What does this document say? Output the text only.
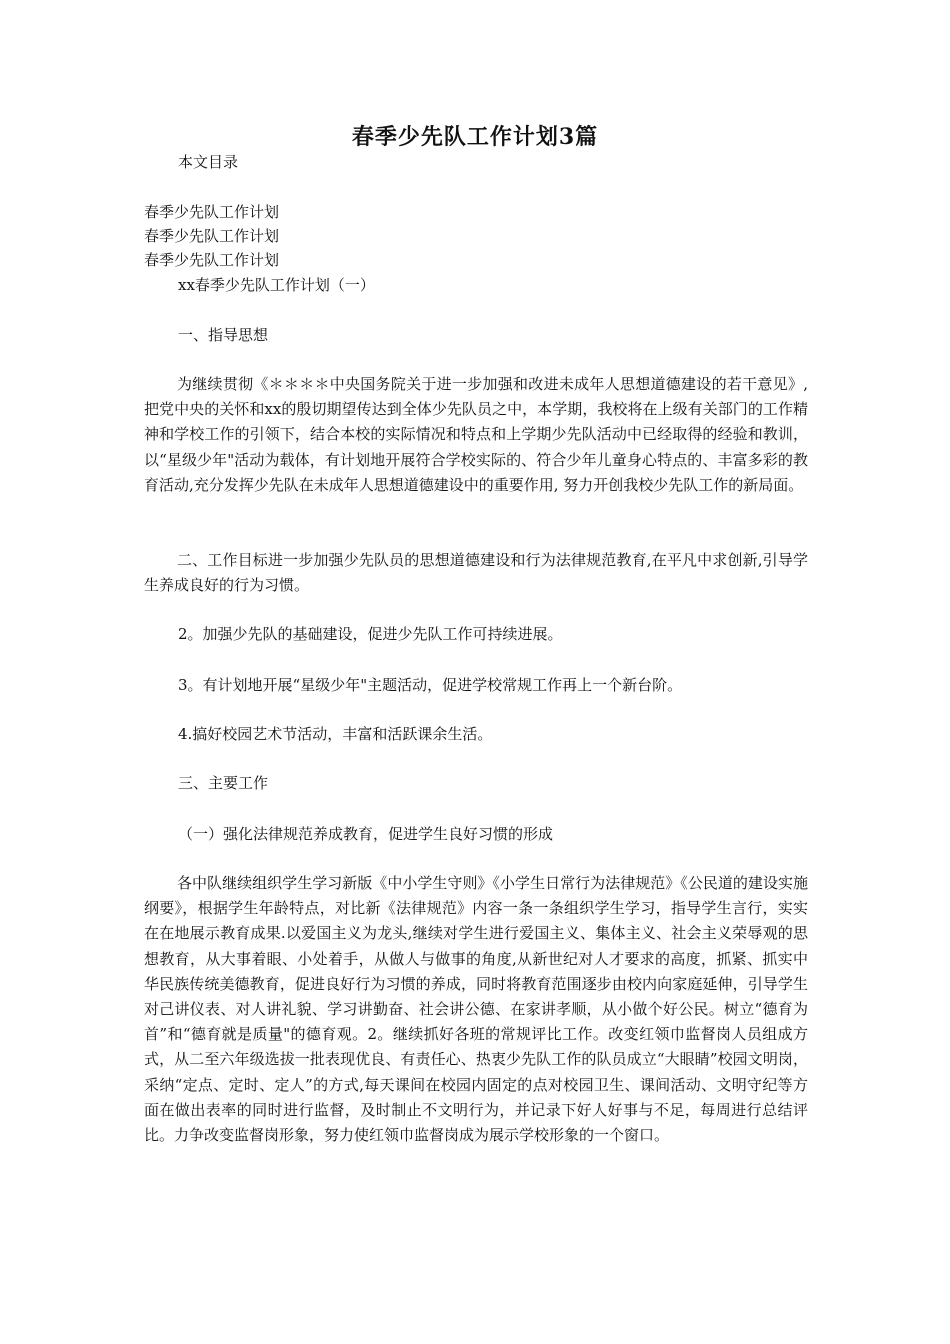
春季少先队工作计划3篇
本文目录
春季少先队工作计划
春季少先队工作计划
春季少先队工作计划
xx春季少先队工作计划（一）
一、指导思想
为继续贯彻《＊＊＊＊中央国务院关于进一步加强和改进未成年人思想道德建设的若干意见》,把党中央的关怀和xx的殷切期望传达到全体少先队员之中，本学期，我校将在上级有关部门的工作精神和学校工作的引领下，结合本校的实际情况和特点和上学期少先队活动中已经取得的经验和教训，以“星级少年"活动为载体，有计划地开展符合学校实际的、符合少年儿童身心特点的、丰富多彩的教育活动,充分发挥少先队在未成年人思想道德建设中的重要作用, 努力开创我校少先队工作的新局面。
二、工作目标进一步加强少先队员的思想道德建设和行为法律规范教育,在平凡中求创新,引导学生养成良好的行为习惯。
2。加强少先队的基础建设，促进少先队工作可持续进展。
3。有计划地开展“星级少年"主题活动，促进学校常规工作再上一个新台阶。
4.搞好校园艺术节活动，丰富和活跃课余生活。
三、主要工作
（一）强化法律规范养成教育，促进学生良好习惯的形成
各中队继续组织学生学习新版《中小学生守则》《小学生日常行为法律规范》《公民道的建设实施纲要》，根据学生年龄特点，对比新《法律规范》内容一条一条组织学生学习，指导学生言行，实实在在地展示教育成果.以爱国主义为龙头,继续对学生进行爱国主义、集体主义、社会主义荣辱观的思想教育，从大事着眼、小处着手，从做人与做事的角度,从新世纪对人才要求的高度，抓紧、抓实中华民族传统美德教育，促进良好行为习惯的养成，同时将教育范围逐步由校内向家庭延伸，引导学生对己讲仪表、对人讲礼貌、学习讲勤奋、社会讲公德、在家讲孝顺，从小做个好公民。树立“德育为首”和“德育就是质量"的德育观。2。继续抓好各班的常规评比工作。改变红领巾监督岗人员组成方式，从二至六年级选拔一批表现优良、有责任心、热衷少先队工作的队员成立“大眼睛”校园文明岗，采纳“定点、定时、定人”的方式,每天课间在校园内固定的点对校园卫生、课间活动、文明守纪等方面在做出表率的同时进行监督，及时制止不文明行为，并记录下好人好事与不足，每周进行总结评比。力争改变监督岗形象，努力使红领巾监督岗成为展示学校形象的一个窗口。
